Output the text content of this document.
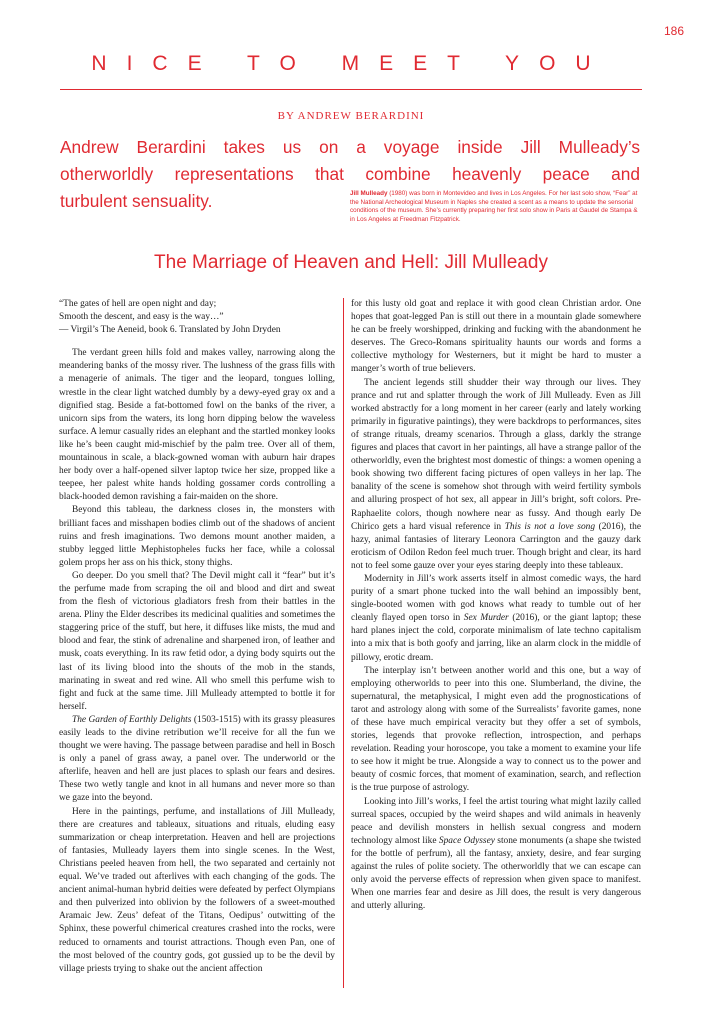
186
NICE TO MEET YOU
BY ANDREW BERARDINI
Andrew Berardini takes us on a voyage inside Jill Mulleady’s
otherworldly representations that combine heavenly peace and
turbulent sensuality.	Jill Mulleady (1980) was born in Montevideo and lives in Los Angeles. For her last solo show, “Fear” at the National Archeological Museum in Naples she created a scent as a means to update the sensorial conditions of the museum. She’s currently preparing her first solo show in Paris at Gaudel de Stampa & in Los Angeles at Freedman Fitzpatrick.
The Marriage of Heaven and Hell: Jill Mulleady
“The gates of hell are open night and day;
Smooth the descent, and easy is the way…”
— Virgil’s The Aeneid, book 6. Translated by John Dryden

The verdant green hills fold and makes valley, narrowing along the meandering banks of the mossy river. The lushness of the grass fills with a menagerie of animals. The tiger and the leopard, tongues lolling, wrestle in the clear light watched dumbly by a dewy-eyed gray ox and a dignified stag. Beside a fat-bottomed fowl on the banks of the river, a unicorn sips from the waters, its long horn dipping below the waveless surface. A lemur casually rides an elephant and the startled monkey looks like he’s been caught mid-mischief by the palm tree. Over all of them, mountainous in scale, a black-gowned woman with auburn hair drapes her body over a half-opened silver laptop twice her size, propped like a teepee, her palest white hands holding gossamer cords controlling a black-hooded demon ravishing a fair-maiden on the shore.

Beyond this tableau, the darkness closes in, the monsters with brilliant faces and misshapen bodies climb out of the shadows of ancient ruins and fresh imaginations. Two demons mount another maiden, a stubby legged little Mephistopheles fucks her face, while a colossal golem props her ass on his thick, stony thighs.

Go deeper. Do you smell that? The Devil might call it “fear” but it’s the perfume made from scraping the oil and blood and dirt and sweat from the flesh of victorious gladiators fresh from their battles in the arena. Pliny the Elder describes its medicinal qualities and sometimes the staggering price of the stuff, but here, it diffuses like mists, the mud and blood and fear, the stink of adrenaline and sharpened iron, of leather and musk, coats everything. In its raw fetid odor, a dying body squirts out the last of its living blood into the shouts of the mob in the stands, marinating in sweat and red wine. All who smell this perfume wish to fight and fuck at the same time. Jill Mulleady attempted to bottle it for herself.

The Garden of Earthly Delights (1503-1515) with its grassy pleasures easily leads to the divine retribution we’ll receive for all the fun we thought we were having. The passage between paradise and hell in Bosch is only a panel of grass away, a panel over. The underworld or the afterlife, heaven and hell are just places to splash our fears and desires. These two wetly tangle and knot in all humans and never more so than we gaze into the beyond.

Here in the paintings, perfume, and installations of Jill Mulleady, there are creatures and tableaux, situations and rituals, eluding easy summarization or cheap interpretation. Heaven and hell are projections of fantasies, Mulleady layers them into single scenes. In the West, Christians peeled heaven from hell, the two separated and certainly not equal. We’ve traded out afterlives with each changing of the gods. The ancient animal-human hybrid deities were defeated by perfect Olympians and then pulverized into oblivion by the followers of a sweet-mouthed Aramaic Jew. Zeus’ defeat of the Titans, Oedipus’ outwitting of the Sphinx, these powerful chimerical creatures crashed into the rocks, were reduced to ornaments and tourist attractions. Though even Pan, one of the most beloved of the country gods, got gussied up to be the devil by village priests trying to shake out the ancient affection

for this lusty old goat and replace it with good clean Christian ardor. One hopes that goat-legged Pan is still out there in a mountain glade somewhere he can be freely worshipped, drinking and fucking with the abandonment he deserves. The Greco-Romans spirituality haunts our words and forms a collective mythology for Westerners, but it might be hard to muster a manger’s worth of true believers.

The ancient legends still shudder their way through our lives. They prance and rut and splatter through the work of Jill Mulleady. Even as Jill worked abstractly for a long moment in her career (early and lately working primarily in figurative paintings), they were backdrops to performances, sites of strange rituals, dreamy scenarios. Through a glass, darkly the strange figures and places that cavort in her paintings, all have a strange pallor of the otherworldly, even the brightest most domestic of things: a women opening a book showing two different facing pictures of open valleys in her lap. The banality of the scene is somehow shot through with weird fertility symbols and alluring prospect of hot sex, all appear in Jill’s bright, soft colors. Pre-Raphaelite colors, though nowhere near as fussy. And though early De Chirico gets a hard visual reference in This is not a love song (2016), the hazy, animal fantasies of literary Leonora Carrington and the gauzy dark eroticism of Odilon Redon feel much truer. Though bright and clear, its hard not to feel some gauze over your eyes staring deeply into these tableaux.

Modernity in Jill’s work asserts itself in almost comedic ways, the hard purity of a smart phone tucked into the wall behind an impossibly bent, single-booted women with god knows what ready to tumble out of her cleanly flayed open torso in Sex Murder (2016), or the giant laptop; these hard planes inject the cold, corporate minimalism of late techno capitalism into a mix that is both goofy and jarring, like an alarm clock in the middle of pillowy, erotic dream.

The interplay isn’t between another world and this one, but a way of employing otherworlds to peer into this one. Slumberland, the divine, the supernatural, the metaphysical, I might even add the prognostications of tarot and astrology along with some of the Surrealists’ favorite games, none of these have much empirical veracity but they offer a set of symbols, stories, legends that provoke reflection, introspection, and perhaps revelation. Reading your horoscope, you take a moment to examine your life to see how it might be true. Alongside a way to connect us to the power and beauty of cosmic forces, that moment of examination, search, and reflection is the true purpose of astrology.

Looking into Jill’s works, I feel the artist touring what might lazily called surreal spaces, occupied by the weird shapes and wild animals in heavenly peace and devilish monsters in hellish sexual congress and modern technology almost like Space Odyssey stone monuments (a shape she twisted for the bottle of perfrum), all the fantasy, anxiety, desire, and fear surging against the rules of polite society. The otherworldly that we can escape can only avoid the perverse effects of repression when given space to manifest. When one marries fear and desire as Jill does, the result is very dangerous and utterly alluring.
